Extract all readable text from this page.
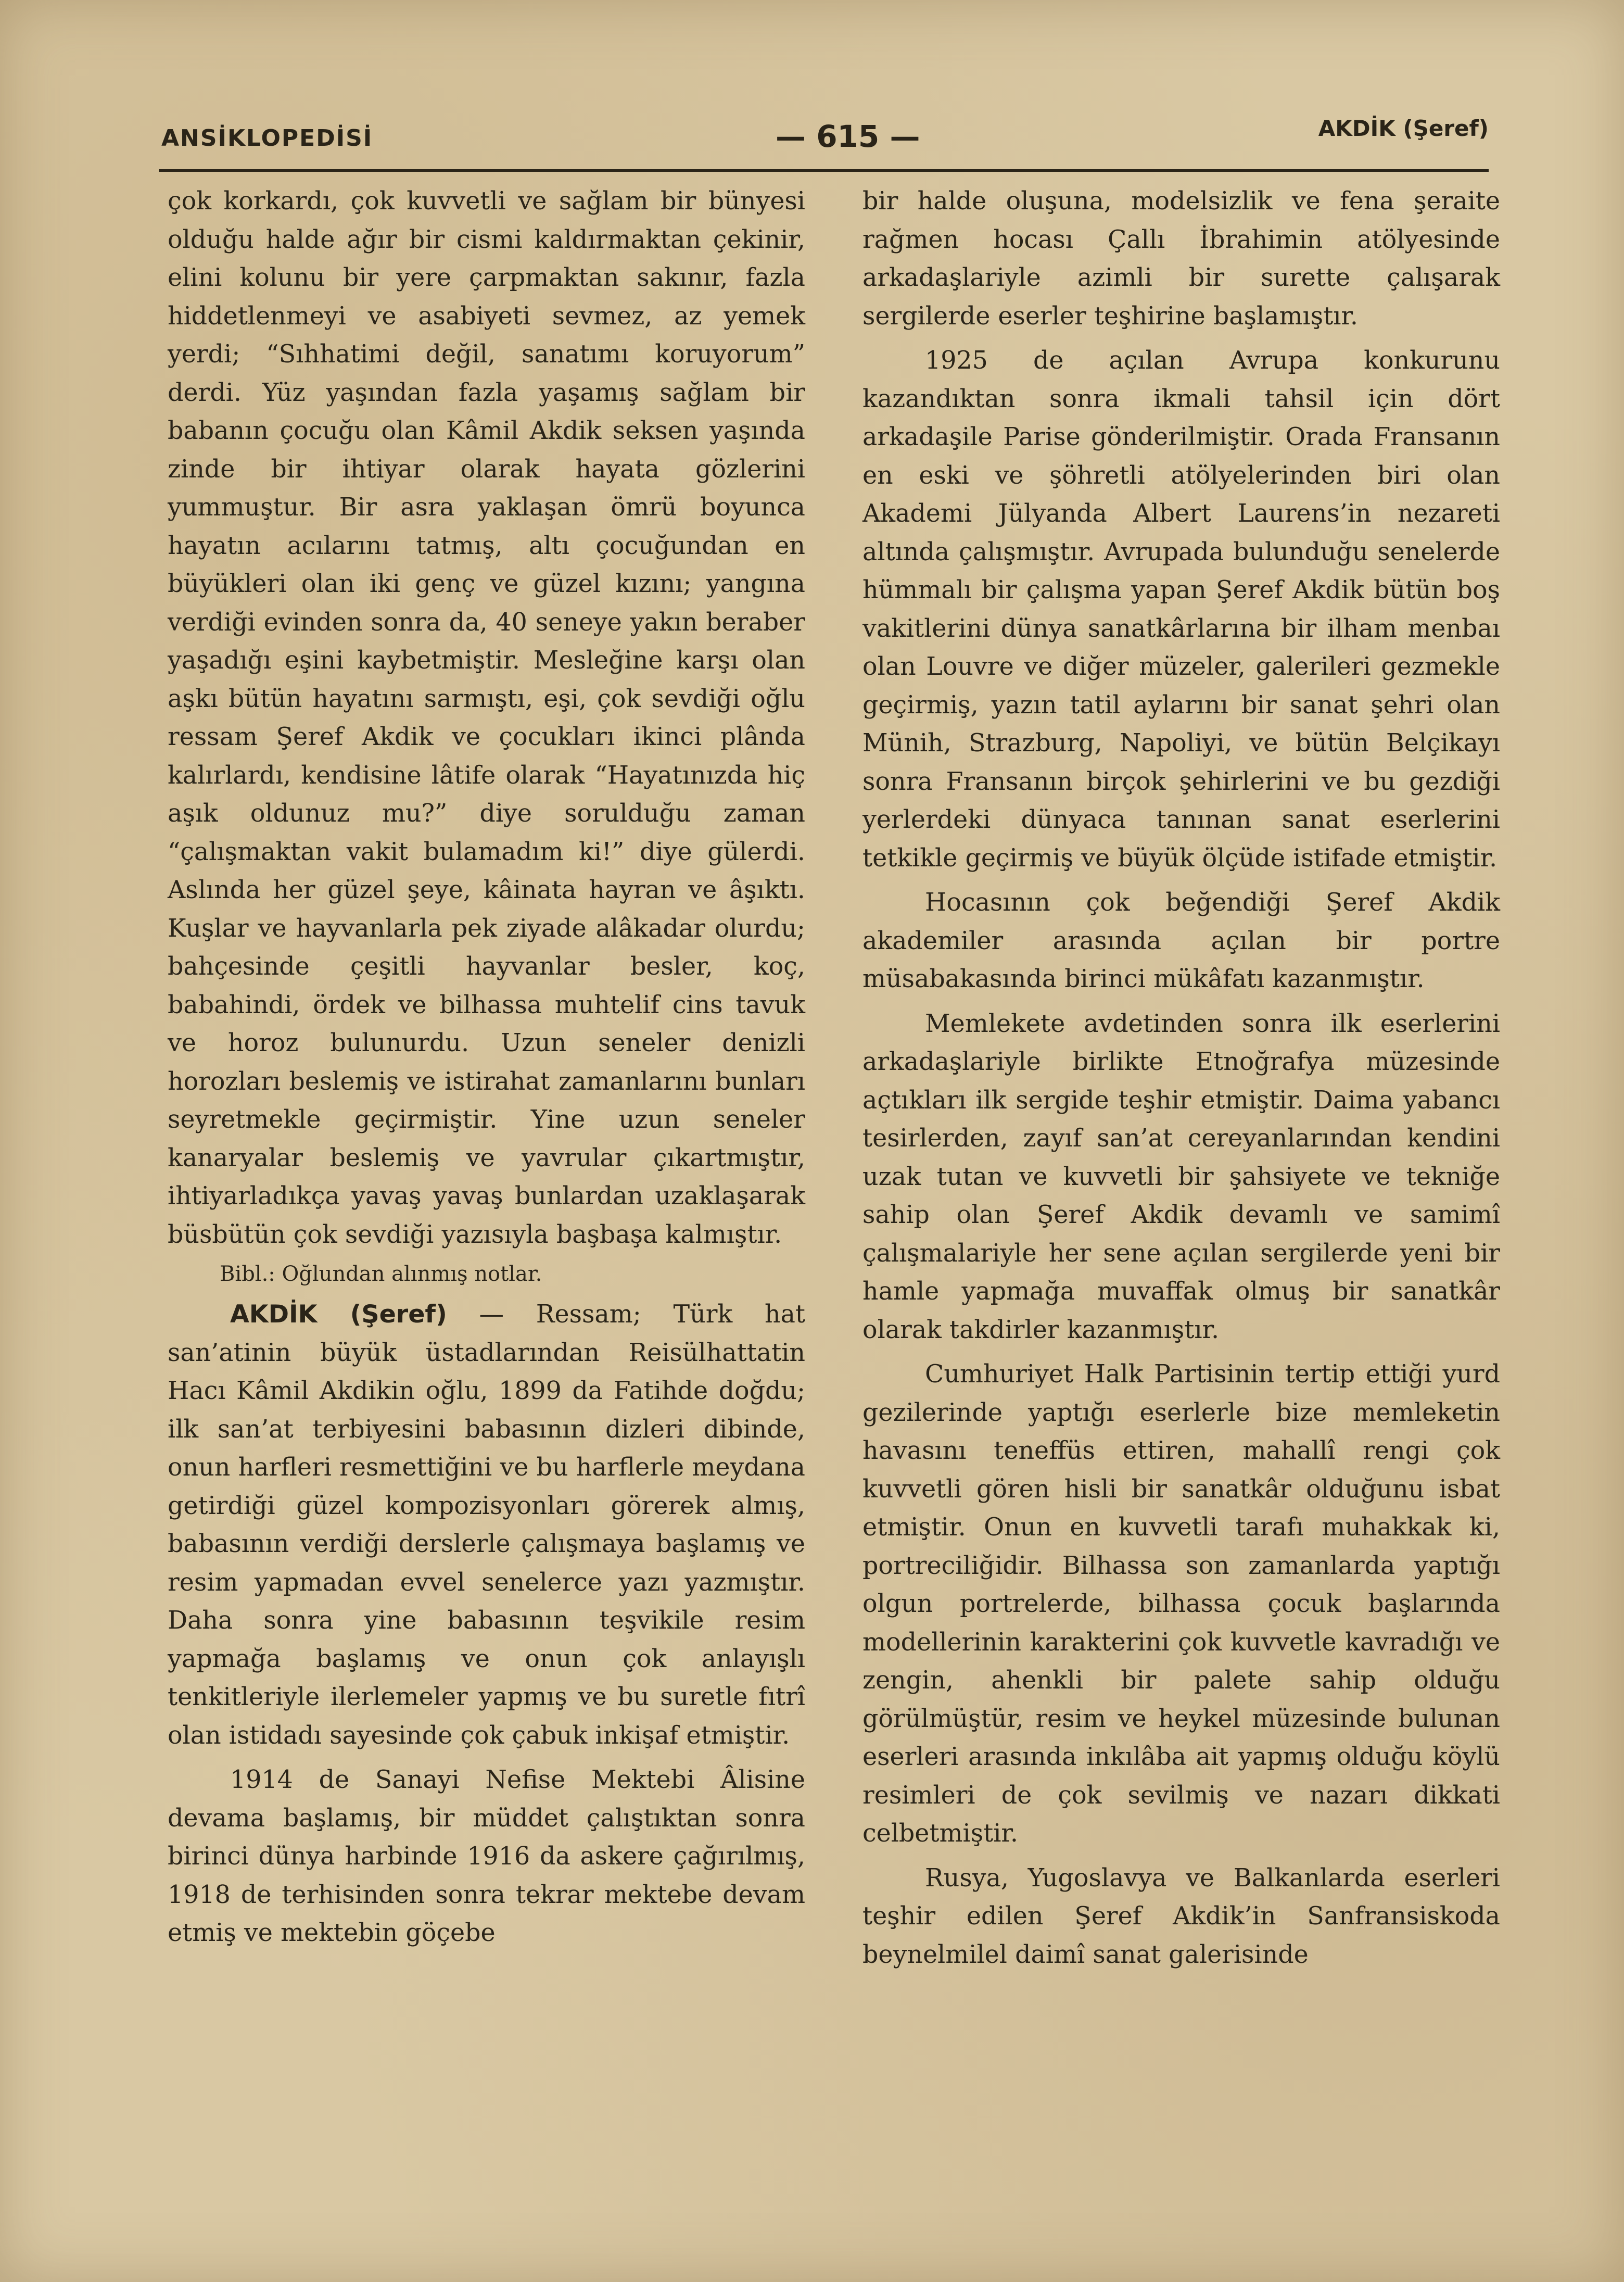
ANSİKLOPEDİSİ	— 615 —	AKDİK (Şeref)

çok korkardı, çok kuvvetli ve sağlam bir bünyesi olduğu halde ağır bir cismi kaldırmaktan çekinir, elini kolunu bir yere çarpmaktan sakınır, fazla hiddetlenmeyi ve asabiyeti sevmez, az yemek yerdi; “Sıhhatimi değil, sanatımı koruyorum” derdi. Yüz yaşından fazla yaşamış sağlam bir babanın çocuğu olan Kâmil Akdik seksen yaşında zinde bir ihtiyar olarak hayata gözlerini yummuştur. Bir asra yaklaşan ömrü boyunca hayatın acılarını tatmış, altı çocuğundan en büyükleri olan iki genç ve güzel kızını; yangına verdiği evinden sonra da, 40 seneye yakın beraber yaşadığı eşini kaybetmiştir. Mesleğine karşı olan aşkı bütün hayatını sarmıştı, eşi, çok sevdiği oğlu ressam Şeref Akdik ve çocukları ikinci plânda kalırlardı, kendisine lâtife olarak “Hayatınızda hiç aşık oldunuz mu?” diye sorulduğu zaman “çalışmaktan vakit bulamadım ki!” diye gülerdi. Aslında her güzel şeye, kâinata hayran ve âşıktı. Kuşlar ve hayvanlarla pek ziyade alâkadar olurdu; bahçesinde çeşitli hayvanlar besler, koç, babahindi, ördek ve bilhassa muhtelif cins tavuk ve horoz bulunurdu. Uzun seneler denizli horozları beslemiş ve istirahat zamanlarını bunları seyretmekle geçirmiştir. Yine uzun seneler kanaryalar beslemiş ve yavrular çıkartmıştır, ihtiyarladıkça yavaş yavaş bunlardan uzaklaşarak büsbütün çok sevdiği yazısıyla başbaşa kalmıştır.

Bibl.: Oğlundan alınmış notlar.

AKDİK (Şeref) — Ressam; Türk hat san’atinin büyük üstadlarından Reisülhattatin Hacı Kâmil Akdikin oğlu, 1899 da Fatihde doğdu; ilk san’at terbiyesini babasının dizleri dibinde, onun harfleri resmettiğini ve bu harflerle meydana getirdiği güzel kompozisyonları görerek almış, babasının verdiği derslerle çalışmaya başlamış ve resim yapmadan evvel senelerce yazı yazmıştır. Daha sonra yine babasının teşvikile resim yapmağa başlamış ve onun çok anlayışlı tenkitleriyle ilerlemeler yapmış ve bu suretle fıtrî olan istidadı sayesinde çok çabuk inkişaf etmiştir.

1914 de Sanayi Nefise Mektebi Âlisine devama başlamış, bir müddet çalıştıktan sonra birinci dünya harbinde 1916 da askere çağırılmış, 1918 de terhisinden sonra tekrar mektebe devam etmiş ve mektebin göçebe

bir halde oluşuna, modelsizlik ve fena şeraite rağmen hocası Çallı İbrahimin atölyesinde arkadaşlariyle azimli bir surette çalışarak sergilerde eserler teşhirine başlamıştır.

1925 de açılan Avrupa konkurunu kazandıktan sonra ikmali tahsil için dört arkadaşile Parise gönderilmiştir. Orada Fransanın en eski ve şöhretli atölyelerinden biri olan Akademi Jülyanda Albert Laurens’in nezareti altında çalışmıştır. Avrupada bulunduğu senelerde hümmalı bir çalışma yapan Şeref Akdik bütün boş vakitlerini dünya sanatkârlarına bir ilham menbaı olan Louvre ve diğer müzeler, galerileri gezmekle geçirmiş, yazın tatil aylarını bir sanat şehri olan Münih, Strazburg, Napoliyi, ve bütün Belçikayı sonra Fransanın birçok şehirlerini ve bu gezdiği yerlerdeki dünyaca tanınan sanat eserlerini tetkikle geçirmiş ve büyük ölçüde istifade etmiştir.

Hocasının çok beğendiği Şeref Akdik akademiler arasında açılan bir portre müsabakasında birinci mükâfatı kazanmıştır.

Memlekete avdetinden sonra ilk eserlerini arkadaşlariyle birlikte Etnoğrafya müzesinde açtıkları ilk sergide teşhir etmiştir. Daima yabancı tesirlerden, zayıf san’at cereyanlarından kendini uzak tutan ve kuvvetli bir şahsiyete ve tekniğe sahip olan Şeref Akdik devamlı ve samimî çalışmalariyle her sene açılan sergilerde yeni bir hamle yapmağa muvaffak olmuş bir sanatkâr olarak takdirler kazanmıştır.

Cumhuriyet Halk Partisinin tertip ettiği yurd gezilerinde yaptığı eserlerle bize memleketin havasını teneffüs ettiren, mahallî rengi çok kuvvetli gören hisli bir sanatkâr olduğunu isbat etmiştir. Onun en kuvvetli tarafı muhakkak ki, portreciliğidir. Bilhassa son zamanlarda yaptığı olgun portrelerde, bilhassa çocuk başlarında modellerinin karakterini çok kuvvetle kavradığı ve zengin, ahenkli bir palete sahip olduğu görülmüştür, resim ve heykel müzesinde bulunan eserleri arasında inkılâba ait yapmış olduğu köylü resimleri de çok sevilmiş ve nazarı dikkati celbetmiştir.

Rusya, Yugoslavya ve Balkanlarda eserleri teşhir edilen Şeref Akdik’in Sanfransiskoda beynelmilel daimî sanat galerisinde
